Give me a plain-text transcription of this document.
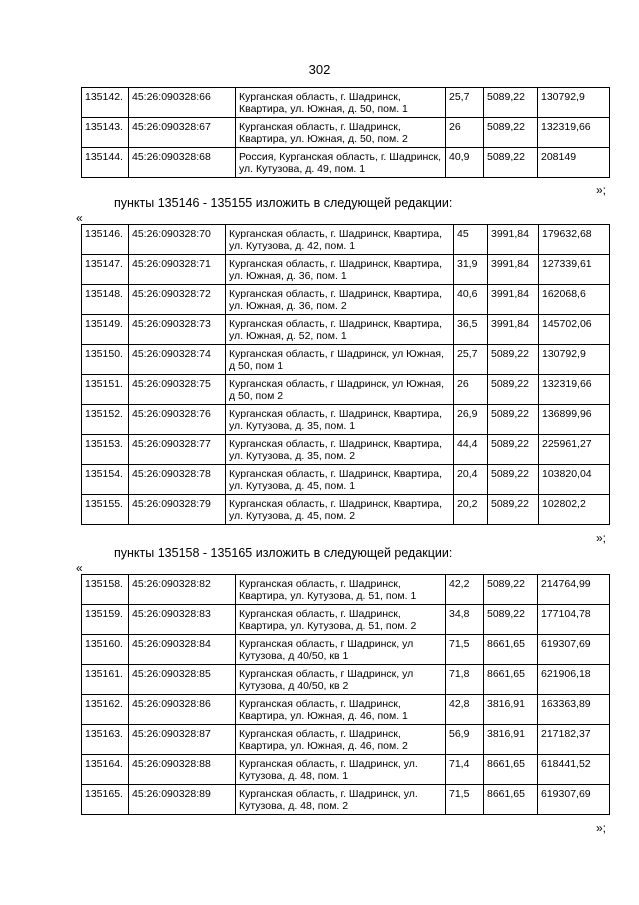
302
135142.	45:26:090328:66	Курганская область, г. Шадринск, Квартира, ул. Южная, д. 50, пом. 1	25,7	5089,22	130792,9
135143.	45:26:090328:67	Курганская область, г. Шадринск, Квартира, ул. Южная, д. 50, пом. 2	26	5089,22	132319,66
135144.	45:26:090328:68	Россия, Курганская область, г. Шадринск, ул. Кутузова, д. 49, пом. 1	40,9	5089,22	208149
»;
пункты 135146 - 135155 изложить в следующей редакции:
«
135146.	45:26:090328:70	Курганская область, г. Шадринск, Квартира, ул. Кутузова, д. 42, пом. 1	45	3991,84	179632,68
135147.	45:26:090328:71	Курганская область, г. Шадринск, Квартира, ул. Южная, д. 36, пом. 1	31,9	3991,84	127339,61
135148.	45:26:090328:72	Курганская область, г. Шадринск, Квартира, ул. Южная, д. 36, пом. 2	40,6	3991,84	162068,6
135149.	45:26:090328:73	Курганская область, г. Шадринск, Квартира, ул. Южная, д. 52, пом. 1	36,5	3991,84	145702,06
135150.	45:26:090328:74	Курганская область, г Шадринск, ул Южная, д 50, пом 1	25,7	5089,22	130792,9
135151.	45:26:090328:75	Курганская область, г Шадринск, ул Южная, д 50, пом 2	26	5089,22	132319,66
135152.	45:26:090328:76	Курганская область, г. Шадринск, Квартира, ул. Кутузова, д. 35, пом. 1	26,9	5089,22	136899,96
135153.	45:26:090328:77	Курганская область, г. Шадринск, Квартира, ул. Кутузова, д. 35, пом. 2	44,4	5089,22	225961,27
135154.	45:26:090328:78	Курганская область, г. Шадринск, Квартира, ул. Кутузова, д. 45, пом. 1	20,4	5089,22	103820,04
135155.	45:26:090328:79	Курганская область, г. Шадринск, Квартира, ул. Кутузова, д. 45, пом. 2	20,2	5089,22	102802,2
»;
пункты 135158 - 135165 изложить в следующей редакции:
«
135158.	45:26:090328:82	Курганская область, г. Шадринск, Квартира, ул. Кутузова, д. 51, пом. 1	42,2	5089,22	214764,99
135159.	45:26:090328:83	Курганская область, г. Шадринск, Квартира, ул. Кутузова, д. 51, пом. 2	34,8	5089,22	177104,78
135160.	45:26:090328:84	Курганская область, г Шадринск, ул Кутузова, д 40/50, кв 1	71,5	8661,65	619307,69
135161.	45:26:090328:85	Курганская область, г Шадринск, ул Кутузова, д 40/50, кв 2	71,8	8661,65	621906,18
135162.	45:26:090328:86	Курганская область, г. Шадринск, Квартира, ул. Южная, д. 46, пом. 1	42,8	3816,91	163363,89
135163.	45:26:090328:87	Курганская область, г. Шадринск, Квартира, ул. Южная, д. 46, пом. 2	56,9	3816,91	217182,37
135164.	45:26:090328:88	Курганская область, г. Шадринск, ул. Кутузова, д. 48, пом. 1	71,4	8661,65	618441,52
135165.	45:26:090328:89	Курганская область, г. Шадринск, ул. Кутузова, д. 48, пом. 2	71,5	8661,65	619307,69
»;
